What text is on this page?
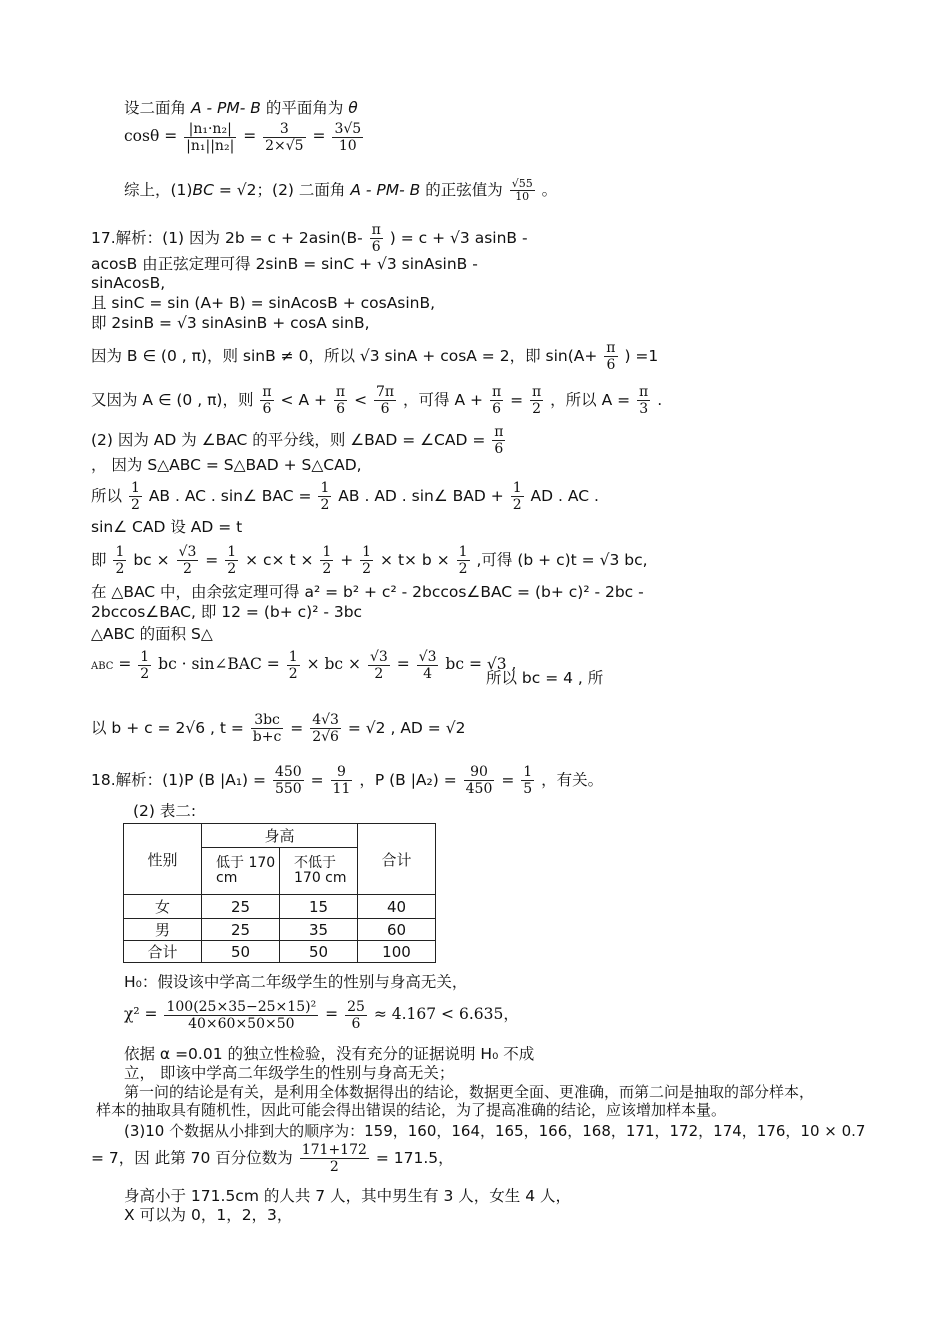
设二面角 A - PM- B 的平面角为 θ
$\cos\theta = \frac{\text{|n₁·n₂|}}{\text{|n₁||n₂|}} = \frac{3}{2\times√5} = \frac{3√5}{10}$
综上，(1)BC = √2；(2) 二面角 A - PM- B 的正弦值为 $\frac{√55}{10}$ 。
17.解析：(1) 因为 $2b = c + 2asin(B- \frac{\pi}{6}$ ) = c + √3 asinB -
acosB 由正弦定理可得 2sinB = sinC + √3 sinAsinB -
sinAcosB,
且 sinC = sin (A+ B) = sinAcosB + cosAsinB,
即 2sinB = √3 sinAsinB + cosA sinB,
因为 B ∈ (0 , π)，则 sinB ≠ 0，所以 √3 sinA + cosA = 2，即 $\sin(A+ \frac{\pi}{6}$ ) =1
又因为 A ∈ (0 , π)，则 $\frac{\pi}{6} < A + \frac{\pi}{6} < \frac{7\pi}{6}$ ，可得 $A + \frac{\pi}{6} = \frac{\pi}{2}$ ，所以 $A = \frac{\pi}{3}$ .
(2) 因为 AD 为 ∠BAC 的平分线，则 ∠BAD = ∠CAD = $\frac{\pi}{6}$
， 因为 S△ABC = S△BAD + S△CAD,
所以 $\frac{1}{2}$ AB . AC . sin∠ BAC = $\frac{1}{2}$ AB . AD . sin∠ BAD + $\frac{1}{2}$ AD . AC .
sin∠ CAD 设 AD = t
即 $\frac{1}{2}$ bc × $\frac{√3}{2} = \frac{1}{2} \times c\times t \times \frac{1}{2} + \frac{1}{2} \times t\times b \times \frac{1}{2}$ ,可得 (b + c)t = √3 bc,
在 △BAC 中，由余弦定理可得 a² = b² + c² - 2bccos∠BAC = (b+ c)² - 2bc -
2bccos∠BAC, 即 12 = (b+ c)² - 3bc
△ABC 的面积 S△
ABC = $\frac{1}{2}$ bc · sin∠BAC = $\frac{1}{2}$ × bc × $\frac{√3}{2} = \frac{√3}{4}$ bc = √3 ,
所以 bc = 4 , 所
以 b + c = 2√6 , $t = \frac{3bc}{b+c} = \frac{4√3}{2√6} = √2$ , AD = √2
18.解析：(1)P (B $|A_1) = \frac{450}{550} = \frac{9}{11}$ ，P (B $|A_2) = \frac{90}{450} = \frac{1}{5}$ ，有关。
(2) 表二:
性别	身高		合计
	低于 170 cm	不低于 170 cm	
女	25	15	40
男	25	35	60
合计	50	50	100
H₀：假设该中学高二年级学生的性别与身高无关，
$\chi^2 = \frac{\text{100(25×35−25×15)²}}{40\times 60\times 50\times 50} = \frac{25}{6} \approx 4.167 < 6.635$，
依据 α =0.01 的独立性检验，没有充分的证据说明 H₀ 不成
立， 即该中学高二年级学生的性别与身高无关；
第一问的结论是有关，是利用全体数据得出的结论，数据更全面、更准确，而第二问是抽取的部分样本，
样本的抽取具有随机性，因此可能会得出错误的结论，为了提高准确的结论，应该增加样本量。
(3)10 个数据从小排到大的顺序为：159，160，164，165，166，168，171，172，174，176，10 × 0.7
= 7，因 此第 70 百分位数为 $\frac{171+172}{2} = 171.5$，
身高小于 171.5cm 的人共 7 人，其中男生有 3 人，女生 4 人，
X 可以为 0，1，2，3，
